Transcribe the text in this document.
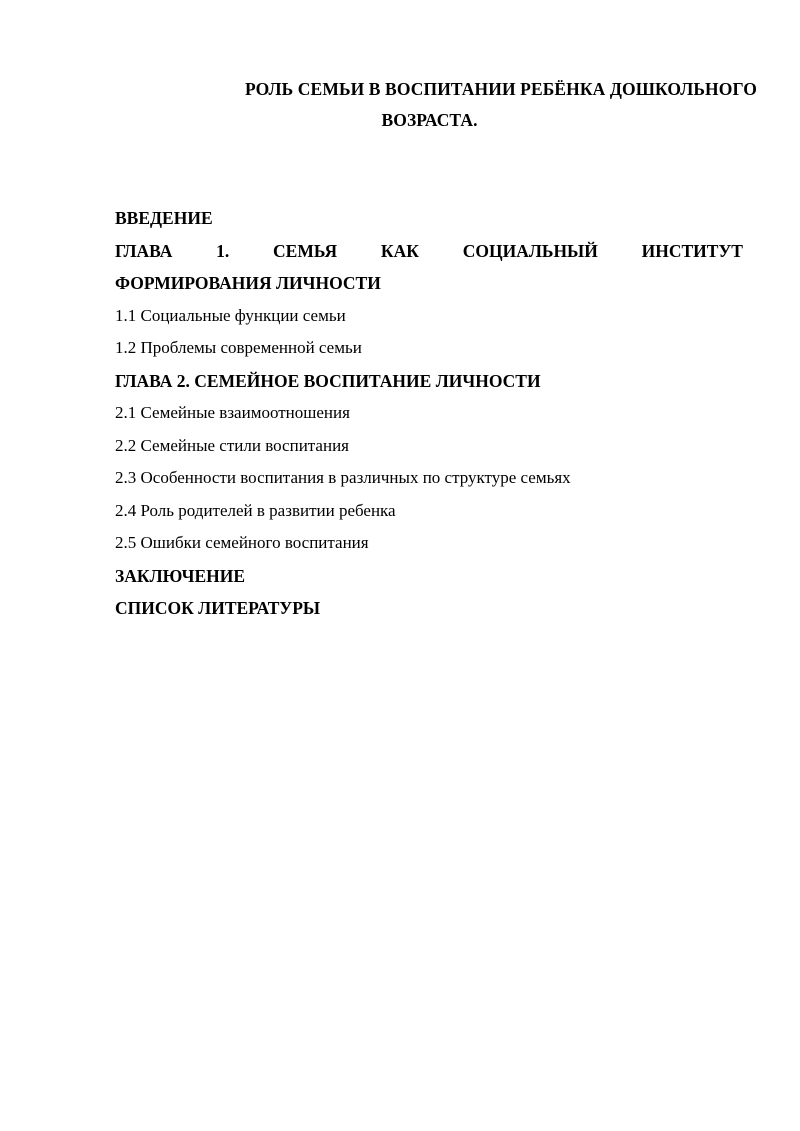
РОЛЬ СЕМЬИ В ВОСПИТАНИИ РЕБЁНКА ДОШКОЛЬНОГО
ВОЗРАСТА.
ВВЕДЕНИЕ
ГЛАВА	1.	СЕМЬЯ	КАК	СОЦИАЛЬНЫЙ	ИНСТИТУТ
ФОРМИРОВАНИЯ ЛИЧНОСТИ
1.1 Социальные функции семьи
1.2 Проблемы современной семьи
ГЛАВА 2. СЕМЕЙНОЕ ВОСПИТАНИЕ ЛИЧНОСТИ
2.1 Семейные взаимоотношения
2.2 Семейные стили воспитания
2.3 Особенности воспитания в различных по структуре семьях
2.4 Роль родителей в развитии ребенка
2.5 Ошибки семейного воспитания
ЗАКЛЮЧЕНИЕ
СПИСОК ЛИТЕРАТУРЫ
